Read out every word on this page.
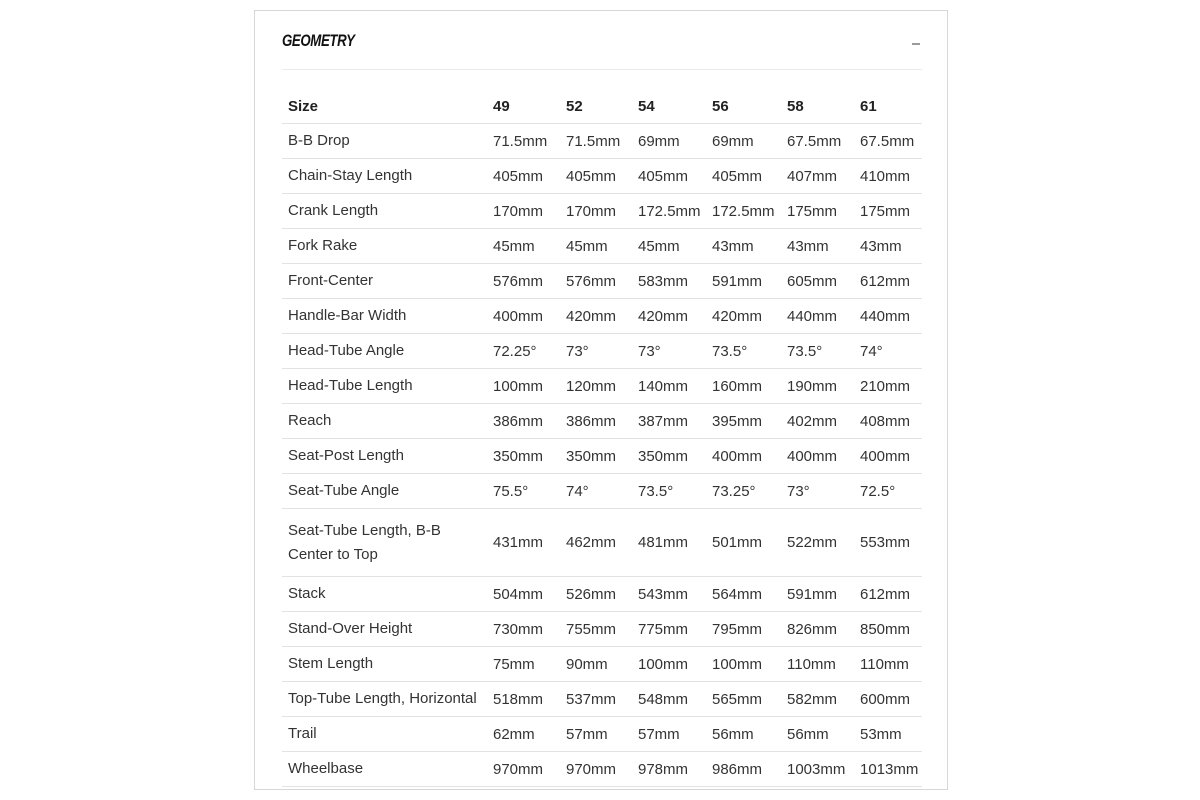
GEOMETRY
Size	49	52	54	56	58	61
B-B Drop	71.5mm	71.5mm	69mm	69mm	67.5mm	67.5mm
Chain-Stay Length	405mm	405mm	405mm	405mm	407mm	410mm
Crank Length	170mm	170mm	172.5mm	172.5mm	175mm	175mm
Fork Rake	45mm	45mm	45mm	43mm	43mm	43mm
Front-Center	576mm	576mm	583mm	591mm	605mm	612mm
Handle-Bar Width	400mm	420mm	420mm	420mm	440mm	440mm
Head-Tube Angle	72.25°	73°	73°	73.5°	73.5°	74°
Head-Tube Length	100mm	120mm	140mm	160mm	190mm	210mm
Reach	386mm	386mm	387mm	395mm	402mm	408mm
Seat-Post Length	350mm	350mm	350mm	400mm	400mm	400mm
Seat-Tube Angle	75.5°	74°	73.5°	73.25°	73°	72.5°
Seat-Tube Length, B-B Center to Top	431mm	462mm	481mm	501mm	522mm	553mm
Stack	504mm	526mm	543mm	564mm	591mm	612mm
Stand-Over Height	730mm	755mm	775mm	795mm	826mm	850mm
Stem Length	75mm	90mm	100mm	100mm	110mm	110mm
Top-Tube Length, Horizontal	518mm	537mm	548mm	565mm	582mm	600mm
Trail	62mm	57mm	57mm	56mm	56mm	53mm
Wheelbase	970mm	970mm	978mm	986mm	1003mm	1013mm
